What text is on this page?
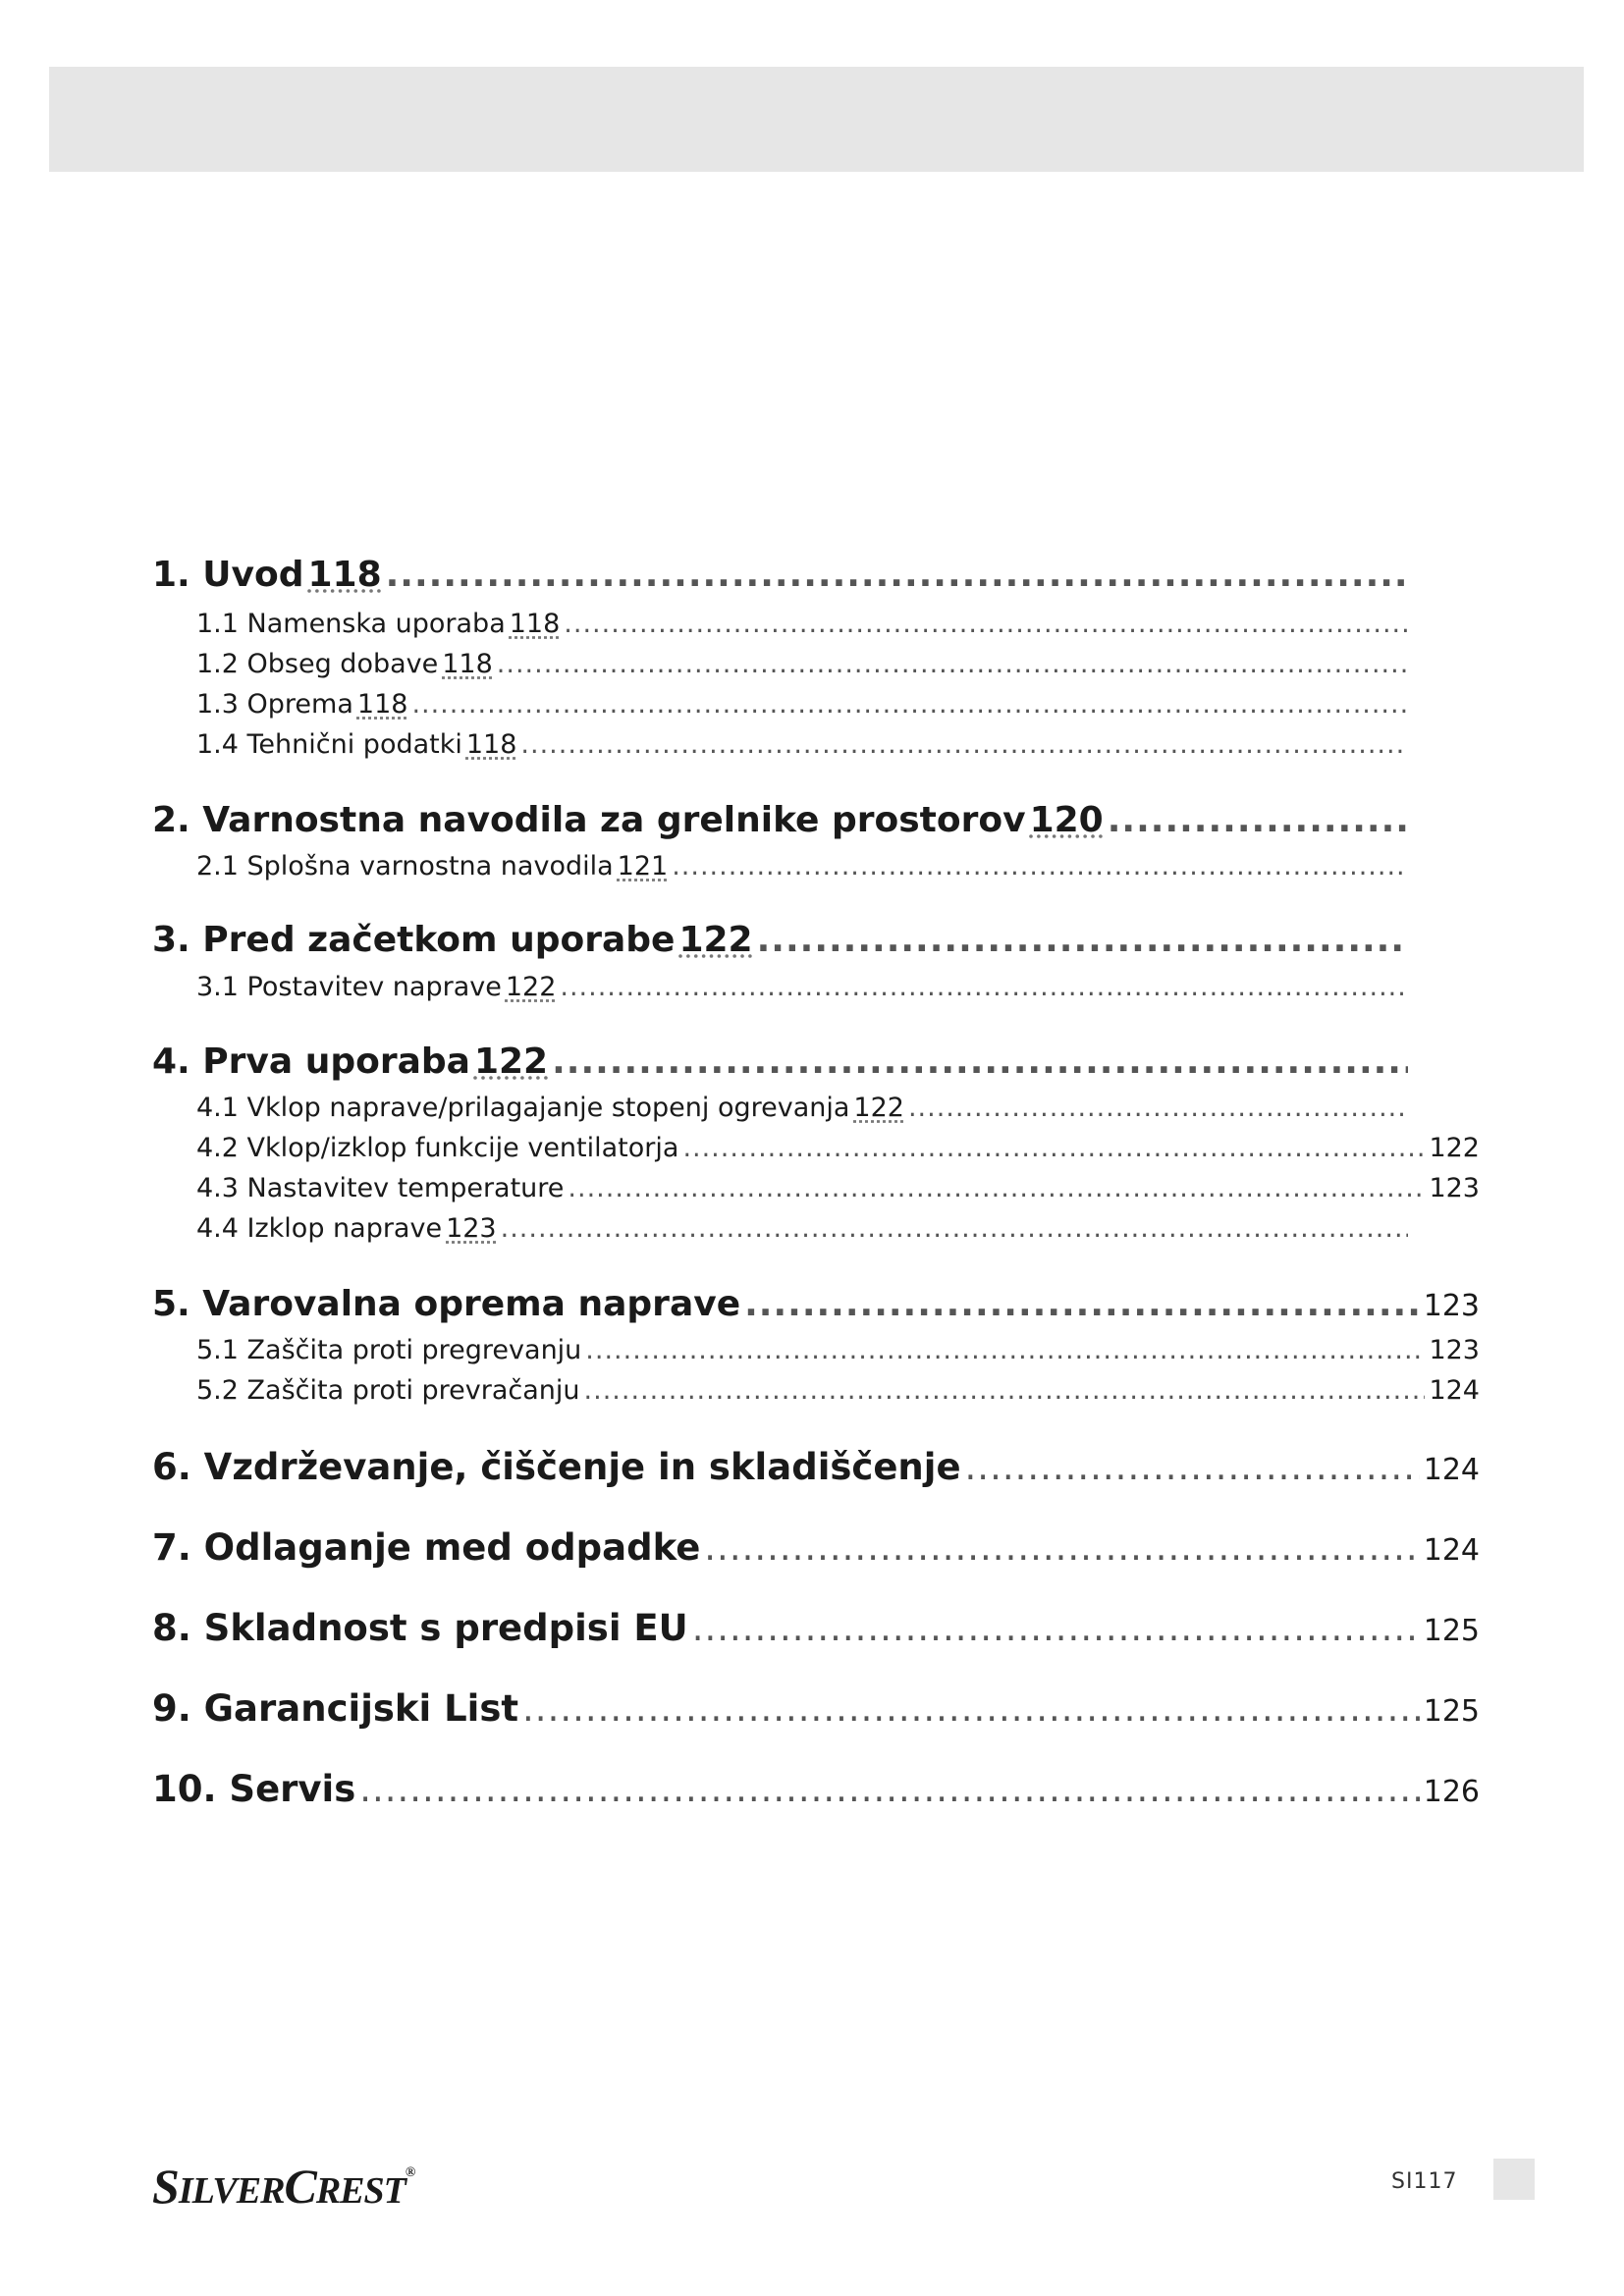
1. Uvod 118
.....
1.1 Namenska uporaba 118
.....
1.2 Obseg dobave 118
.....
1.3 Oprema 118
.....
1.4 Tehnični podatki 118
.....
2. Varnostna navodila za grelnike prostorov 120
.....
2.1 Splošna varnostna navodila 121
.....
3. Pred začetkom uporabe 122
.....
3.1 Postavitev naprave 122
.....
4. Prva uporaba 122
.....
4.1 Vklop naprave/prilagajanje stopenj ogrevanja 122
.....
4.2 Vklop/izklop funkcije ventilatorja .....	122
4.3 Nastavitev temperature .....	123
4.4 Izklop naprave 123
.....
5. Varovalna oprema naprave .....	123
5.1 Zaščita proti pregrevanju .....	123
5.2 Zaščita proti prevračanju .....	124
6. Vzdrževanje, čiščenje in skladiščenje .....	124
7. Odlaganje med odpadke .....	124
8. Skladnost s predpisi EU .....	125
9. Garancijski List .....	125
10. Servis .....	126
SILVERCREST®	SI117
